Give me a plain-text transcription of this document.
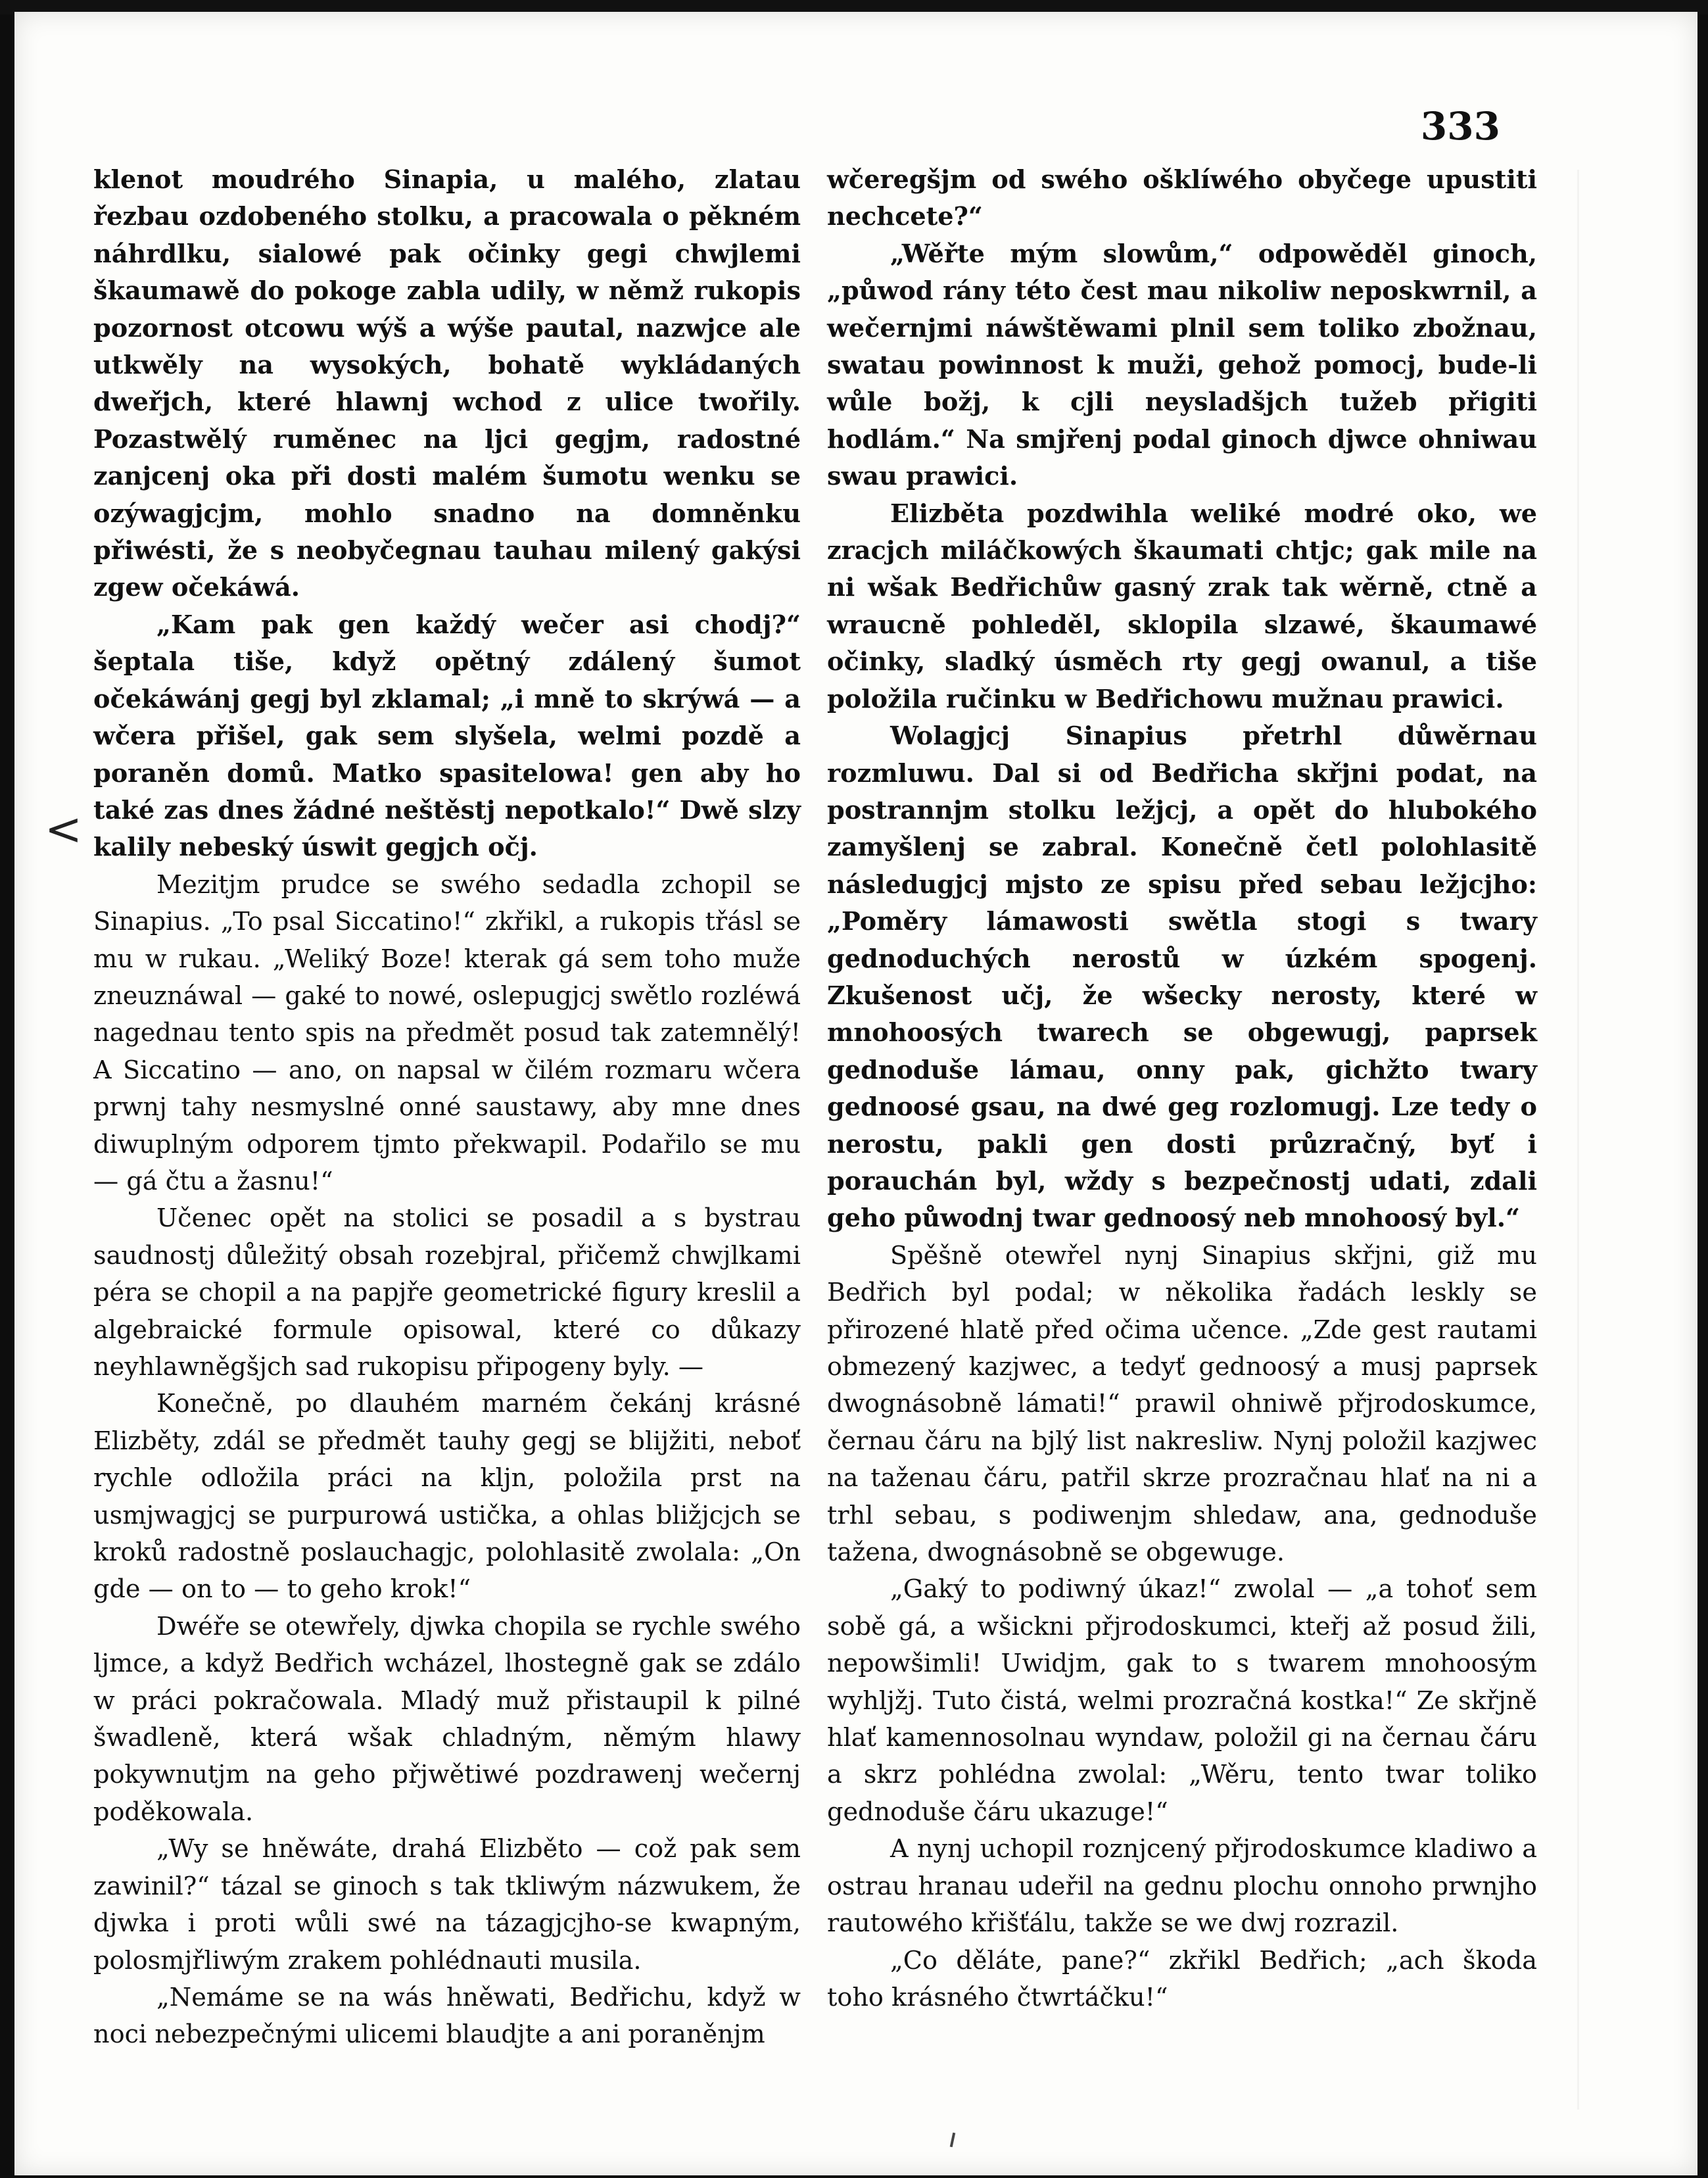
333

klenot moudrého Sinapia, u malého, zlatau řezbau ozdobeného stolku, a pracowala o pěkném náhrdlku, sialowé pak očinky gegi chwjlemi škaumawě do pokoge zabla udily, w němž rukopis pozornost otcowu wýš a wýše pautal, nazwjce ale utkwěly na wysokých, bohatě wykládaných dweřjch, které hlawnj wchod z ulice twořily. Pozastwělý ruměnec na ljci gegjm, radostné zanjcenj oka při dosti malém šumotu wenku se ozýwagjcjm, mohlo snadno na domněnku přiwésti, že s neobyčegnau tauhau milený gakýsi zgew očekáwá.

„Kam pak gen každý wečer asi chodj?“ šeptala tiše, když opětný zdálený šumot očekáwánj gegj byl zklamal; „i mně to skrýwá — a wčera přišel, gak sem slyšela, welmi pozdě a poraněn domů. Matko spasitelowa! gen aby ho také zas dnes žádné neštěstj nepotkalo!“ Dwě slzy kalily nebeský úswit gegjch očj.

Mezitjm prudce se swého sedadla zchopil se Sinapius. „To psal Siccatino!“ zkřikl, a rukopis třásl se mu w rukau. „Weliký Boze! kterak gá sem toho muže zneuznáwal — gaké to nowé, oslepugjcj swětlo rozléwá nagednau tento spis na předmět posud tak zatemnělý! A Siccatino — ano, on napsal w čilém rozmaru wčera prwnj tahy nesmyslné onné saustawy, aby mne dnes diwuplným odporem tjmto překwapil. Podařilo se mu — gá čtu a žasnu!“

Učenec opět na stolici se posadil a s bystrau saudnostj důležitý obsah rozebjral, přičemž chwjlkami péra se chopil a na papjře geometrické figury kreslil a algebraické formule opisowal, které co důkazy neyhlawněgšjch sad rukopisu připogeny byly. —

Konečně, po dlauhém marném čekánj krásné Elizběty, zdál se předmět tauhy gegj se blijžiti, neboť rychle odložila práci na kljn, položila prst na usmjwagjcj se purpurowá ustička, a ohlas bližjcjch se kroků radostně poslauchagjc, polohlasitě zwolala: „On gde — on to — to geho krok!“

Dwéře se otewřely, djwka chopila se rychle swého ljmce, a když Bedřich wcházel, lhostegně gak se zdálo w práci pokračowala. Mladý muž přistaupil k pilné šwadleně, která wšak chladným, němým hlawy pokywnutjm na geho přjwětiwé pozdrawenj wečernj poděkowala.

„Wy se hněwáte, drahá Elizběto — což pak sem zawinil?“ tázal se ginoch s tak tkliwým názwukem, že djwka i proti wůli swé na tázagjcjho-se kwapným, polosmjřliwým zrakem pohlédnauti musila.

„Nemáme se na wás hněwati, Bedřichu, když w noci nebezpečnými ulicemi blaudjte a ani poraněnjm

wčeregšjm od swého ošklíwého obyčege upustiti nechcete?“

„Wěřte mým slowům,“ odpowěděl ginoch, „půwod rány této čest mau nikoliw neposkwrnil, a wečernjmi náwštěwami plnil sem toliko zbožnau, swatau powinnost k muži, gehož pomocj, bude-li wůle božj, k cjli neysladšjch tužeb přigiti hodlám.“ Na smjřenj podal ginoch djwce ohniwau swau prawici.

Elizběta pozdwihla weliké modré oko, we zracjch miláčkowých škaumati chtjc; gak mile na ni wšak Bedřichůw gasný zrak tak wěrně, ctně a wraucně pohleděl, sklopila slzawé, škaumawé očinky, sladký úsměch rty gegj owanul, a tiše položila ručinku w Bedřichowu mužnau prawici.

Wolagjcj Sinapius přetrhl důwěrnau rozmluwu. Dal si od Bedřicha skřjni podat, na postrannjm stolku ležjcj, a opět do hlubokého zamyšlenj se zabral. Konečně četl polohlasitě následugjcj mjsto ze spisu před sebau ležjcjho: „Poměry lámawosti swětla stogi s twary gednoduchých nerostů w úzkém spogenj. Zkušenost učj, že wšecky nerosty, které w mnohoosých twarech se obgewugj, paprsek gednoduše lámau, onny pak, gichžto twary gednoosé gsau, na dwé geg rozlomugj. Lze tedy o nerostu, pakli gen dosti průzračný, byť i porauchán byl, wždy s bezpečnostj udati, zdali geho půwodnj twar gednoosý neb mnohoosý byl.“

Spěšně otewřel nynj Sinapius skřjni, giž mu Bedřich byl podal; w několika řadách leskly se přirozené hlatě před očima učence. „Zde gest rautami obmezený kazjwec, a tedyť gednoosý a musj paprsek dwognásobně lámati!“ prawil ohniwě přjrodoskumce, černau čáru na bjlý list nakresliw. Nynj položil kazjwec na taženau čáru, patřil skrze prozračnau hlať na ni a trhl sebau, s podiwenjm shledaw, ana, gednoduše tažena, dwognásobně se obgewuge.

„Gaký to podiwný úkaz!“ zwolal — „a tohoť sem sobě gá, a wšickni přjrodoskumci, kteřj až posud žili, nepowšimli! Uwidjm, gak to s twarem mnohoosým wyhljžj. Tuto čistá, welmi prozračná kostka!“ Ze skřjně hlať kamennosolnau wyndaw, položil gi na černau čáru a skrz pohlédna zwolal: „Wěru, tento twar toliko gednoduše čáru ukazuge!“

A nynj uchopil roznjcený přjrodoskumce kladiwo a ostrau hranau udeřil na gednu plochu onnoho prwnjho rautowého křišťálu, takže se we dwj rozrazil.

„Co děláte, pane?“ zkřikl Bedřich; „ach škoda toho krásného čtwrtáčku!“

<
